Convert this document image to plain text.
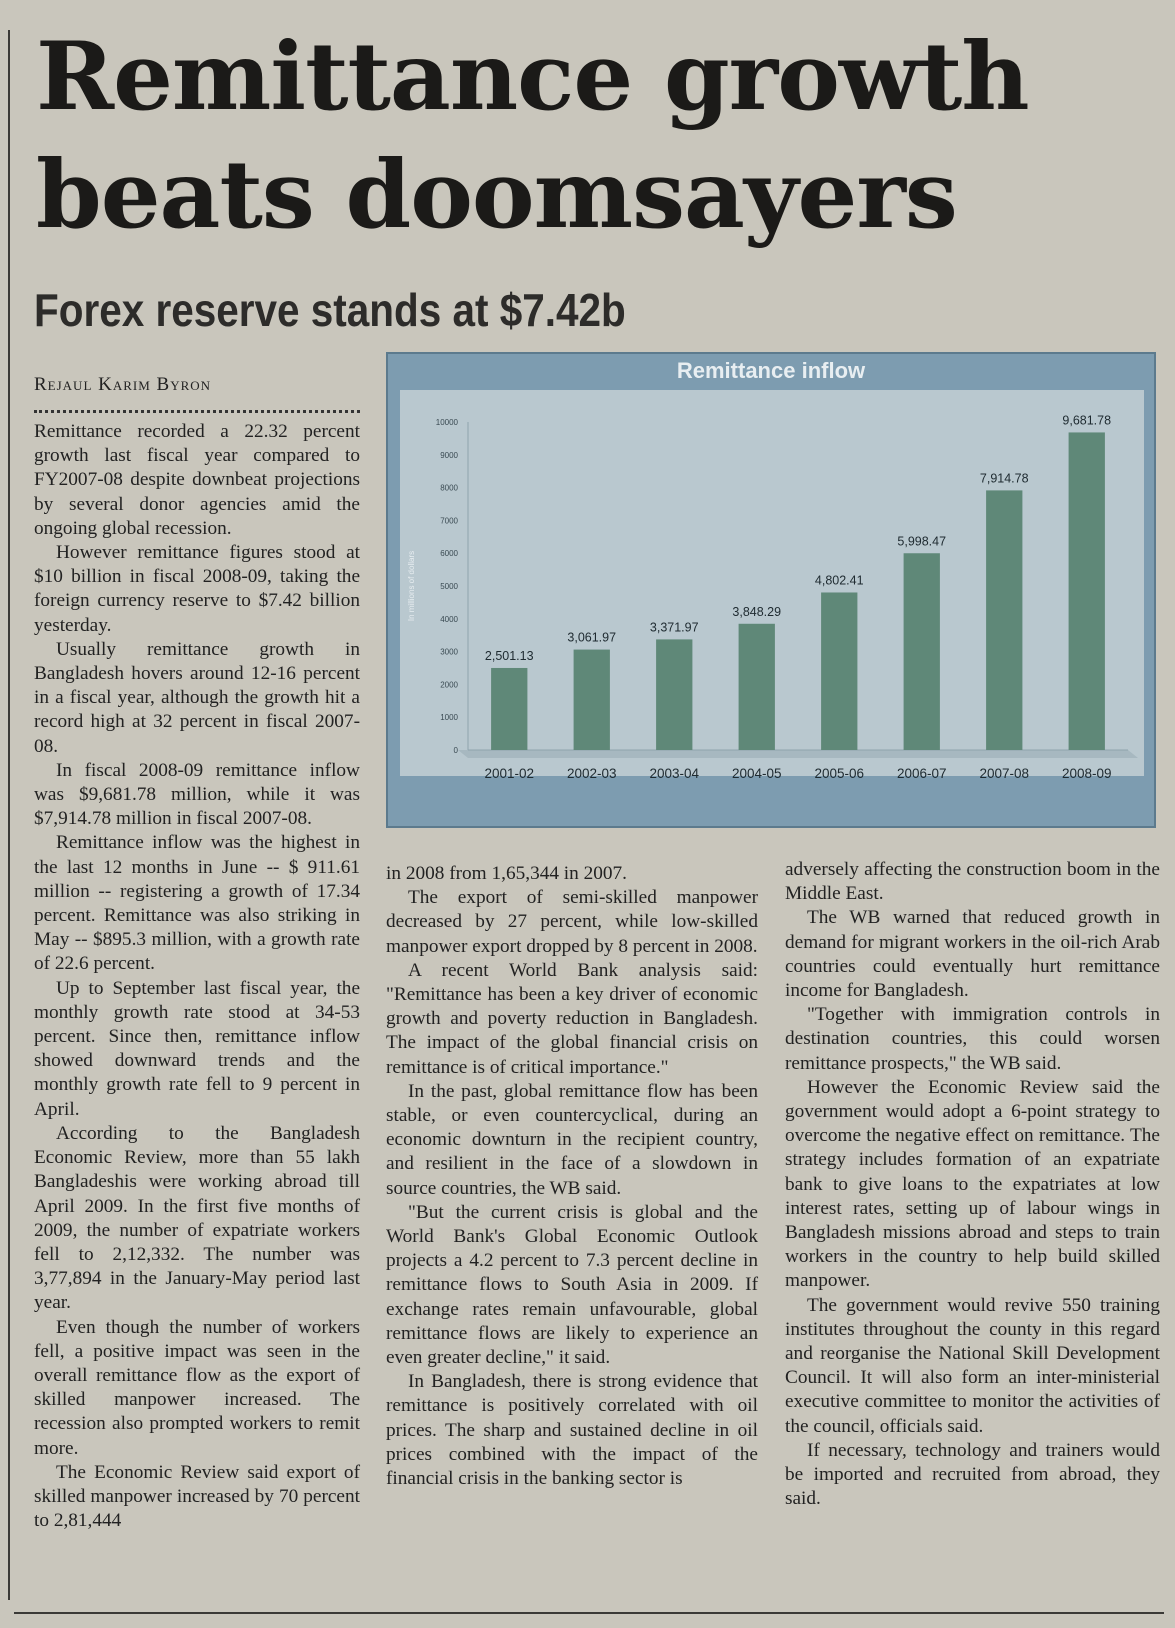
Remittance growth
beats doomsayers
Forex reserve stands at $7.42b
Rejaul Karim Byron
Remittance inflow
0
1000
2000
3000
4000
5000
6000
7000
8000
9000
10000
In millions of dollars
2,501.13
2001-02
3,061.97
2002-03
3,371.97
2003-04
3,848.29
2004-05
4,802.41
2005-06
5,998.47
2006-07
7,914.78
2007-08
9,681.78
2008-09

Remittance recorded a 22.32 percent growth last fiscal year compared to FY2007-08 despite downbeat projections by several donor agencies amid the ongoing global recession.

However remittance figures stood at $10 billion in fiscal 2008-09, taking the foreign currency reserve to $7.42 billion yesterday.

Usually remittance growth in Bangladesh hovers around 12-16 percent in a fiscal year, although the growth hit a record high at 32 percent in fiscal 2007-08.

In fiscal 2008-09 remittance inflow was $9,681.78 million, while it was $7,914.78 million in fiscal 2007-08.

Remittance inflow was the highest in the last 12 months in June -- $ 911.61 million -- registering a growth of 17.34 percent. Remittance was also striking in May -- $895.3 million, with a growth rate of 22.6 percent.

Up to September last fiscal year, the monthly growth rate stood at 34-53 percent. Since then, remittance inflow showed downward trends and the monthly growth rate fell to 9 percent in April.

According to the Bangladesh Economic Review, more than 55 lakh Bangladeshis were working abroad till April 2009. In the first five months of 2009, the number of expatriate workers fell to 2,12,332. The number was 3,77,894 in the January-May period last year.

Even though the number of workers fell, a positive impact was seen in the overall remittance flow as the export of skilled manpower increased. The recession also prompted workers to remit more.

The Economic Review said export of skilled manpower increased by 70 percent to 2,81,444

in 2008 from 1,65,344 in 2007.

The export of semi-skilled manpower decreased by 27 percent, while low-skilled manpower export dropped by 8 percent in 2008.

A recent World Bank analysis said: "Remittance has been a key driver of economic growth and poverty reduction in Bangladesh. The impact of the global financial crisis on remittance is of critical importance."

In the past, global remittance flow has been stable, or even countercyclical, during an economic downturn in the recipient country, and resilient in the face of a slowdown in source countries, the WB said.

"But the current crisis is global and the World Bank's Global Economic Outlook projects a 4.2 percent to 7.3 percent decline in remittance flows to South Asia in 2009. If exchange rates remain unfavourable, global remittance flows are likely to experience an even greater decline," it said.

In Bangladesh, there is strong evidence that remittance is positively correlated with oil prices. The sharp and sustained decline in oil prices combined with the impact of the financial crisis in the banking sector is

adversely affecting the construction boom in the Middle East.

The WB warned that reduced growth in demand for migrant workers in the oil-rich Arab countries could eventually hurt remittance income for Bangladesh.

"Together with immigration controls in destination countries, this could worsen remittance prospects," the WB said.

However the Economic Review said the government would adopt a 6-point strategy to overcome the negative effect on remittance. The strategy includes formation of an expatriate bank to give loans to the expatriates at low interest rates, setting up of labour wings in Bangladesh missions abroad and steps to train workers in the country to help build skilled manpower.

The government would revive 550 training institutes throughout the county in this regard and reorganise the National Skill Development Council. It will also form an inter-ministerial executive committee to monitor the activities of the council, officials said.

If necessary, technology and trainers would be imported and recruited from abroad, they said.
